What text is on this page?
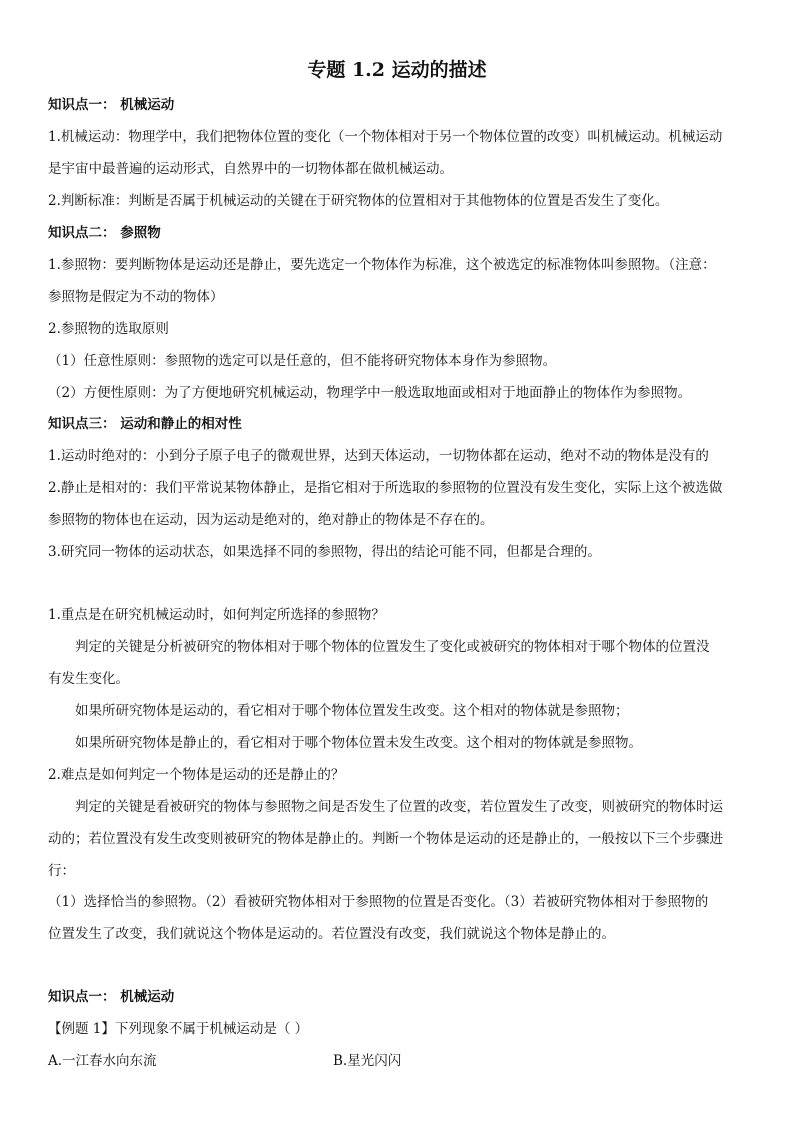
专题 1.2 运动的描述
知识点一： 机械运动
1.机械运动：物理学中，我们把物体位置的变化（一个物体相对于另一个物体位置的改变）叫机械运动。机械运动
是宇宙中最普遍的运动形式，自然界中的一切物体都在做机械运动。
2.判断标准：判断是否属于机械运动的关键在于研究物体的位置相对于其他物体的位置是否发生了变化。
知识点二： 参照物
1.参照物：要判断物体是运动还是静止，要先选定一个物体作为标准，这个被选定的标准物体叫参照物。（注意：
参照物是假定为不动的物体）
2.参照物的选取原则
（1）任意性原则：参照物的选定可以是任意的，但不能将研究物体本身作为参照物。
（2）方便性原则：为了方便地研究机械运动，物理学中一般选取地面或相对于地面静止的物体作为参照物。
知识点三： 运动和静止的相对性
1.运动时绝对的：小到分子原子电子的微观世界，达到天体运动，一切物体都在运动，绝对不动的物体是没有的
2.静止是相对的：我们平常说某物体静止，是指它相对于所选取的参照物的位置没有发生变化，实际上这个被选做
参照物的物体也在运动，因为运动是绝对的，绝对静止的物体是不存在的。
3.研究同一物体的运动状态，如果选择不同的参照物，得出的结论可能不同，但都是合理的。
1.重点是在研究机械运动时，如何判定所选择的参照物？
判定的关键是分析被研究的物体相对于哪个物体的位置发生了变化或被研究的物体相对于哪个物体的位置没
有发生变化。
如果所研究物体是运动的，看它相对于哪个物体位置发生改变。这个相对的物体就是参照物；
如果所研究物体是静止的，看它相对于哪个物体位置未发生改变。这个相对的物体就是参照物。
2.难点是如何判定一个物体是运动的还是静止的？
判定的关键是看被研究的物体与参照物之间是否发生了位置的改变，若位置发生了改变，则被研究的物体时运
动的；若位置没有发生改变则被研究的物体是静止的。判断一个物体是运动的还是静止的，一般按以下三个步骤进
行：
（1）选择恰当的参照物。（2）看被研究物体相对于参照物的位置是否变化。（3）若被研究物体相对于参照物的
位置发生了改变，我们就说这个物体是运动的。若位置没有改变，我们就说这个物体是静止的。
知识点一： 机械运动
【例题 1】下列现象不属于机械运动是（ ）
A.一江春水向东流	B.星光闪闪
